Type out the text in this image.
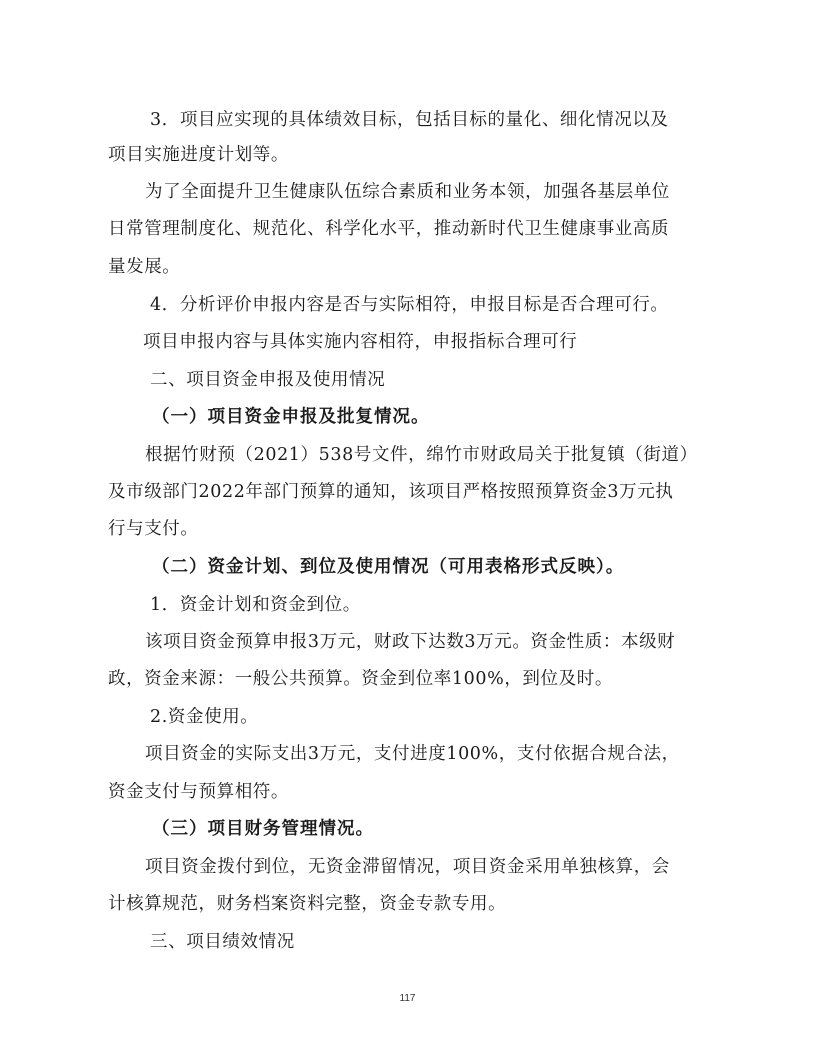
3．项目应实现的具体绩效目标，包括目标的量化、细化情况以及
项目实施进度计划等。
为了全面提升卫生健康队伍综合素质和业务本领，加强各基层单位
日常管理制度化、规范化、科学化水平，推动新时代卫生健康事业高质
量发展。
4．分析评价申报内容是否与实际相符，申报目标是否合理可行。
项目申报内容与具体实施内容相符，申报指标合理可行
二、项目资金申报及使用情况
（一）项目资金申报及批复情况。
根据竹财预（2021）538号文件，绵竹市财政局关于批复镇（街道）
及市级部门2022年部门预算的通知，该项目严格按照预算资金3万元执
行与支付。
（二）资金计划、到位及使用情况（可用表格形式反映）。
1．资金计划和资金到位。
该项目资金预算申报3万元，财政下达数3万元。资金性质：本级财
政，资金来源：一般公共预算。资金到位率100%，到位及时。
2.资金使用。
项目资金的实际支出3万元，支付进度100%，支付依据合规合法，
资金支付与预算相符。
（三）项目财务管理情况。
项目资金拨付到位，无资金滞留情况，项目资金采用单独核算，会
计核算规范，财务档案资料完整，资金专款专用。
三、项目绩效情况
117
